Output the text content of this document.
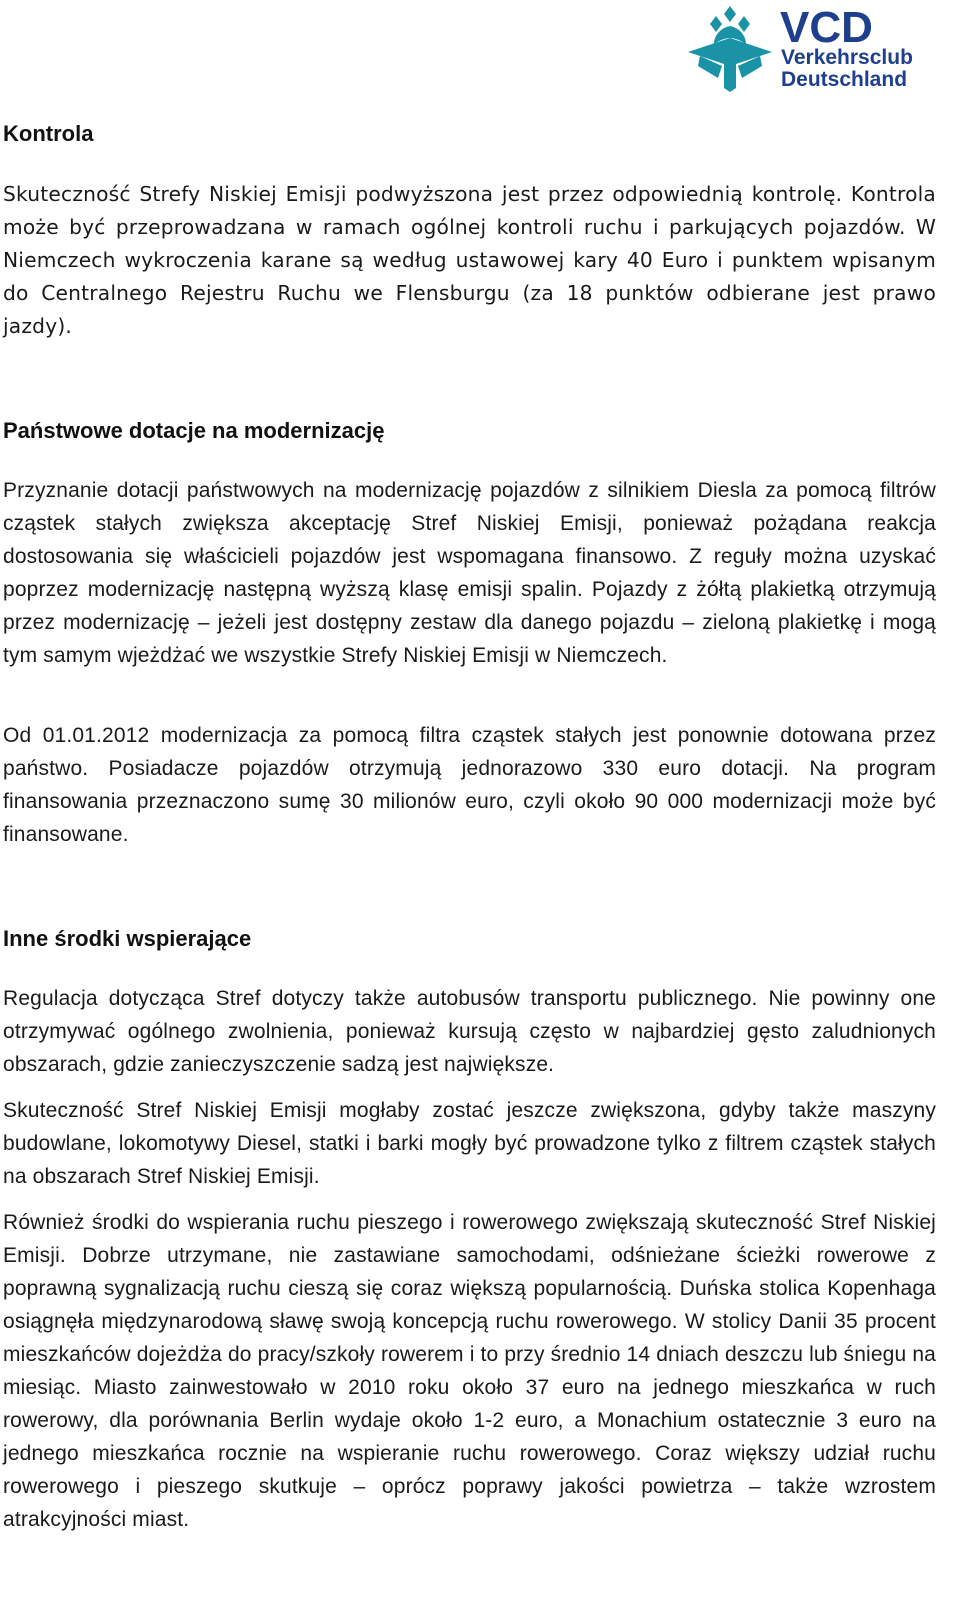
VCD
Verkehrsclub
Deutschland
Kontrola

Skuteczność Strefy Niskiej Emisji podwyższona jest przez odpowiednią kontrolę. Kontrola może być przeprowadzana w ramach ogólnej kontroli ruchu i parkujących pojazdów. W Niemczech wykroczenia karane są według ustawowej kary 40 Euro i punktem wpisanym do Centralnego Rejestru Ruchu we Flensburgu (za 18 punktów odbierane jest prawo jazdy).

Państwowe dotacje na modernizację

Przyznanie dotacji państwowych na modernizację pojazdów z silnikiem Diesla za pomocą filtrów cząstek stałych zwiększa akceptację Stref Niskiej Emisji, ponieważ pożądana reakcja dostosowania się właścicieli pojazdów jest wspomagana finansowo. Z reguły można uzyskać poprzez modernizację następną wyższą klasę emisji spalin. Pojazdy z żółtą plakietką otrzymują przez modernizację – jeżeli jest dostępny zestaw dla danego pojazdu – zieloną plakietkę i mogą tym samym wjeżdżać we wszystkie Strefy Niskiej Emisji w Niemczech.

Od 01.01.2012 modernizacja za pomocą filtra cząstek stałych jest ponownie dotowana przez państwo. Posiadacze pojazdów otrzymują jednorazowo 330 euro dotacji. Na program finansowania przeznaczono sumę 30 milionów euro, czyli około 90 000 modernizacji może być finansowane.

Inne środki wspierające

Regulacja dotycząca Stref dotyczy także autobusów transportu publicznego. Nie powinny one otrzymywać ogólnego zwolnienia, ponieważ kursują często w najbardziej gęsto zaludnionych obszarach, gdzie zanieczyszczenie sadzą jest największe.

Skuteczność Stref Niskiej Emisji mogłaby zostać jeszcze zwiększona, gdyby także maszyny budowlane, lokomotywy Diesel, statki i barki mogły być prowadzone tylko z filtrem cząstek stałych na obszarach Stref Niskiej Emisji.

Również środki do wspierania ruchu pieszego i rowerowego zwiększają skuteczność Stref Niskiej Emisji. Dobrze utrzymane, nie zastawiane samochodami, odśnieżane ścieżki rowerowe z poprawną sygnalizacją ruchu cieszą się coraz większą popularnością. Duńska stolica Kopenhaga osiągnęła międzynarodową sławę swoją koncepcją ruchu rowerowego. W stolicy Danii 35 procent mieszkańców dojeżdża do pracy/szkoły rowerem i to przy średnio 14 dniach deszczu lub śniegu na miesiąc. Miasto zainwestowało w 2010 roku około 37 euro na jednego mieszkańca w ruch rowerowy, dla porównania Berlin wydaje około 1-2 euro, a Monachium ostatecznie 3 euro na jednego mieszkańca rocznie na wspieranie ruchu rowerowego. Coraz większy udział ruchu rowerowego i pieszego skutkuje – oprócz poprawy jakości powietrza – także wzrostem atrakcyjności miast.
